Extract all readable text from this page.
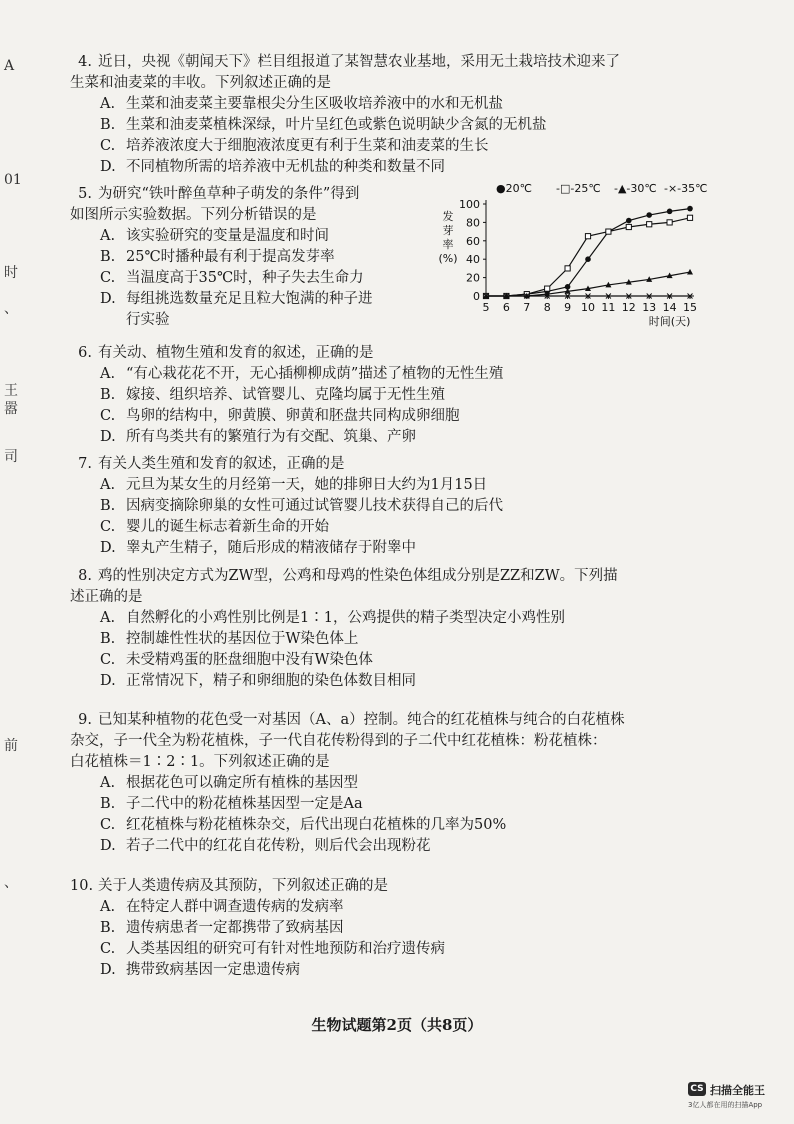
A
01
时
、
王
嚣
司
前
、
4. 近日，央视《朝闻天下》栏目组报道了某智慧农业基地，采用无土栽培技术迎来了
生菜和油麦菜的丰收。下列叙述正确的是
A. 生菜和油麦菜主要靠根尖分生区吸收培养液中的水和无机盐
B. 生菜和油麦菜植株深绿，叶片呈红色或紫色说明缺少含氮的无机盐
C. 培养液浓度大于细胞液浓度更有利于生菜和油麦菜的生长
D. 不同植物所需的培养液中无机盐的种类和数量不同
5. 为研究“铁叶醉鱼草种子萌发的条件”得到
如图所示实验数据。下列分析错误的是
A. 该实验研究的变量是温度和时间
B. 25℃时播种最有利于提高发芽率
C. 当温度高于35℃时，种子失去生命力
D. 每组挑选数量充足且粒大饱满的种子进
行实验
6. 有关动、植物生殖和发育的叙述，正确的是
A. “有心栽花花不开，无心插柳柳成荫”描述了植物的无性生殖
B. 嫁接、组织培养、试管婴儿、克隆均属于无性生殖
C. 鸟卵的结构中，卵黄膜、卵黄和胚盘共同构成卵细胞
D. 所有鸟类共有的繁殖行为有交配、筑巢、产卵
7. 有关人类生殖和发育的叙述，正确的是
A. 元旦为某女生的月经第一天，她的排卵日大约为1月15日
B. 因病变摘除卵巢的女性可通过试管婴儿技术获得自己的后代
C. 婴儿的诞生标志着新生命的开始
D. 睾丸产生精子，随后形成的精液储存于附睾中
8. 鸡的性别决定方式为ZW型，公鸡和母鸡的性染色体组成分别是ZZ和ZW。下列描
述正确的是
A. 自然孵化的小鸡性别比例是1∶1，公鸡提供的精子类型决定小鸡性别
B. 控制雄性性状的基因位于W染色体上
C. 未受精鸡蛋的胚盘细胞中没有W染色体
D. 正常情况下，精子和卵细胞的染色体数目相同
9. 已知某种植物的花色受一对基因（A、a）控制。纯合的红花植株与纯合的白花植株
杂交，子一代全为粉花植株，子一代自花传粉得到的子二代中红花植株：粉花植株：
白花植株＝1∶2∶1。下列叙述正确的是
A. 根据花色可以确定所有植株的基因型
B. 子二代中的粉花植株基因型一定是Aa
C. 红花植株与粉花植株杂交，后代出现白花植株的几率为50%
D. 若子二代中的红花自花传粉，则后代会出现粉花
10. 关于人类遗传病及其预防，下列叙述正确的是
A. 在特定人群中调查遗传病的发病率
B. 遗传病患者一定都携带了致病基因
C. 人类基因组的研究可有针对性地预防和治疗遗传病
D. 携带致病基因一定患遗传病
0
20
40
60
80
100
5 6 7 8 9 10 11 12 13 14 15
发
芽
率
(%)
时间(天)
●20℃ -□-25℃ -▲-30℃ -×-35℃
生物试题第2页（共8页）
CS 扫描全能王
3亿人都在用的扫描App
